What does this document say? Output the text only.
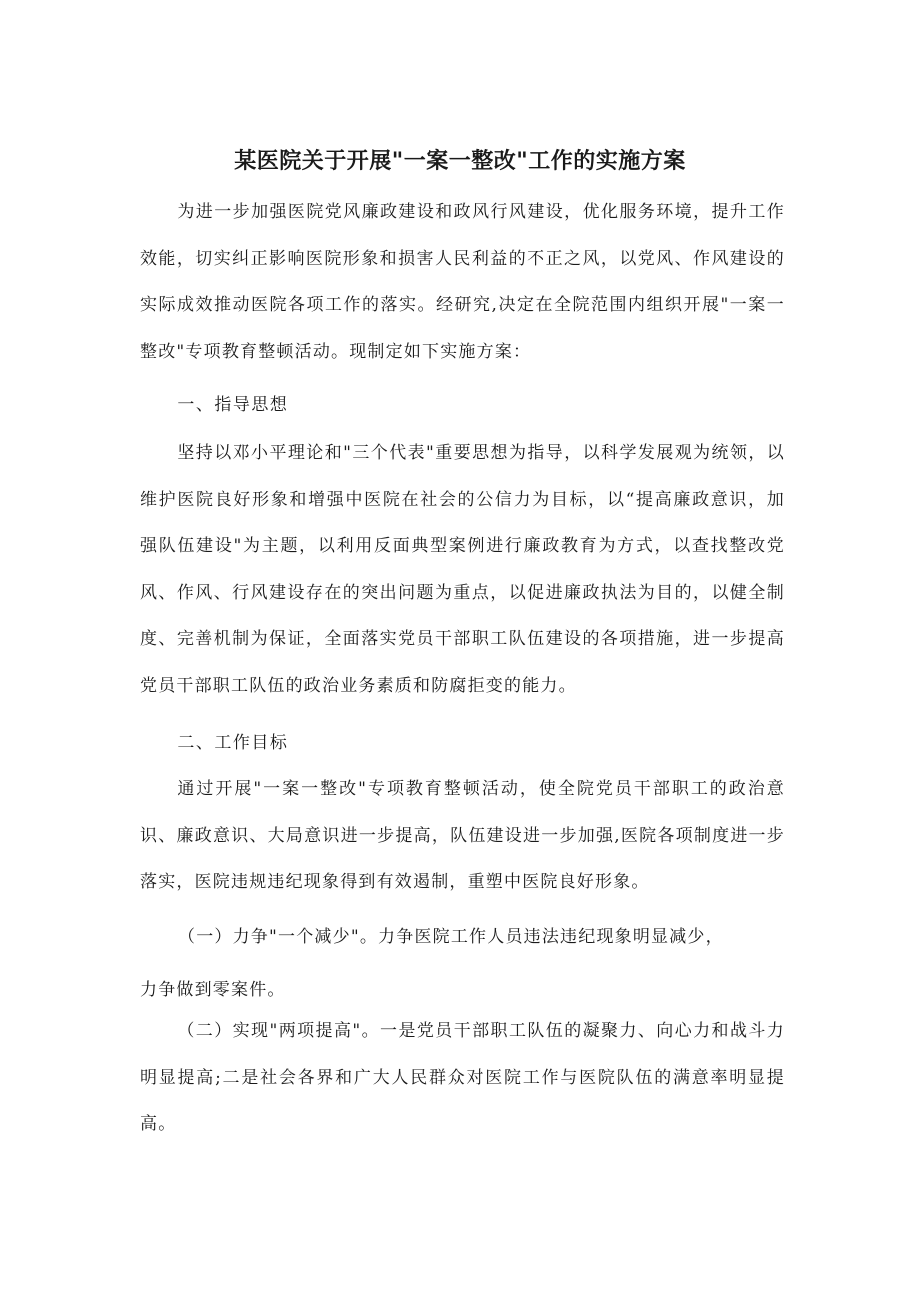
某医院关于开展"一案一整改"工作的实施方案

为进一步加强医院党风廉政建设和政风行风建设，优化服务环境，提升工作效能，切实纠正影响医院形象和损害人民利益的不正之风，以党风、作风建设的实际成效推动医院各项工作的落实。经研究,决定在全院范围内组织开展"一案一整改"专项教育整顿活动。现制定如下实施方案：

一、指导思想

坚持以邓小平理论和"三个代表"重要思想为指导，以科学发展观为统领，以维护医院良好形象和增强中医院在社会的公信力为目标，以“提高廉政意识，加强队伍建设"为主题，以利用反面典型案例进行廉政教育为方式，以查找整改党风、作风、行风建设存在的突出问题为重点，以促进廉政执法为目的，以健全制度、完善机制为保证，全面落实党员干部职工队伍建设的各项措施，进一步提高党员干部职工队伍的政治业务素质和防腐拒变的能力。

二、工作目标

通过开展"一案一整改"专项教育整顿活动，使全院党员干部职工的政治意识、廉政意识、大局意识进一步提高，队伍建设进一步加强,医院各项制度进一步落实，医院违规违纪现象得到有效遏制，重塑中医院良好形象。

（一）力争"一个减少"。力争医院工作人员违法违纪现象明显减少，

力争做到零案件。

（二）实现"两项提高"。一是党员干部职工队伍的凝聚力、向心力和战斗力明显提高;二是社会各界和广大人民群众对医院工作与医院队伍的满意率明显提高。
